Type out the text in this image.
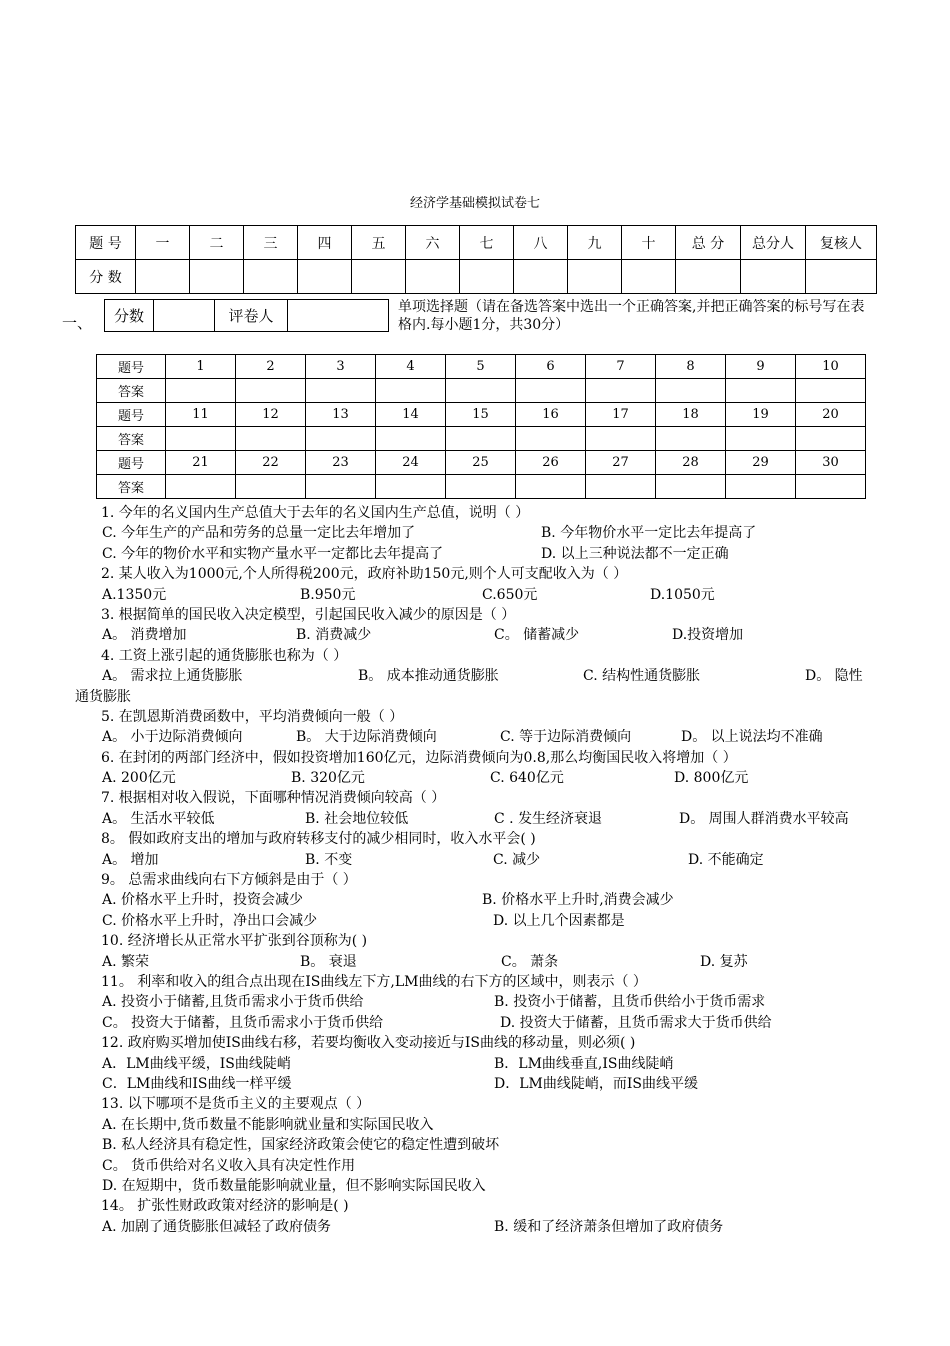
经济学基础模拟试卷七
题 号	一	二	三	四	五	六	七	八	九	十	总 分	总分人	复核人
分 数													
一、 分数		评卷人		单项选择题（请在备选答案中选出一个正确答案,并把正确答案的标号写在表格内.每小题1分，共30分）
题号	1	2	3	4	5	6	7	8	9	10
答案										
题号	11	12	13	14	15	16	17	18	19	20
答案										
题号	21	22	23	24	25	26	27	28	29	30
答案										
1. 今年的名义国内生产总值大于去年的名义国内生产总值，说明（ ）
C. 今年生产的产品和劳务的总量一定比去年增加了	B. 今年物价水平一定比去年提高了
C. 今年的物价水平和实物产量水平一定都比去年提高了	D. 以上三种说法都不一定正确
2. 某人收入为1000元,个人所得税200元，政府补助150元,则个人可支配收入为（ ）
A.1350元	B.950元	C.650元	D.1050元
3. 根据简单的国民收入决定模型，引起国民收入减少的原因是（ ）
A。 消费增加	B. 消费减少	C。 储蓄减少	D.投资增加
4. 工资上涨引起的通货膨胀也称为（ ）
A。 需求拉上通货膨胀	B。 成本推动通货膨胀	C. 结构性通货膨胀	D。 隐性
通货膨胀
5. 在凯恩斯消费函数中，平均消费倾向一般（ ）
A。 小于边际消费倾向	B。 大于边际消费倾向	C. 等于边际消费倾向	D。 以上说法均不准确
6. 在封闭的两部门经济中，假如投资增加160亿元，边际消费倾向为0.8,那么均衡国民收入将增加（ ）
A. 200亿元	B. 320亿元	C. 640亿元	D. 800亿元
7. 根据相对收入假说，下面哪种情况消费倾向较高（ ）
A。 生活水平较低	B. 社会地位较低	C . 发生经济衰退	D。 周围人群消费水平较高
8。 假如政府支出的增加与政府转移支付的减少相同时，收入水平会( )
A。 增加	B. 不变	C. 减少	D. 不能确定
9。 总需求曲线向右下方倾斜是由于（ ）
A. 价格水平上升时，投资会减少	B. 价格水平上升时,消费会减少
C. 价格水平上升时，净出口会减少	D. 以上几个因素都是
10. 经济增长从正常水平扩张到谷顶称为( )
A. 繁荣	B。 衰退	C。 萧条	D. 复苏
11。 利率和收入的组合点出现在IS曲线左下方,LM曲线的右下方的区域中，则表示（ ）
A. 投资小于储蓄,且货币需求小于货币供给	B. 投资小于储蓄，且货币供给小于货币需求
C。 投资大于储蓄，且货币需求小于货币供给	D. 投资大于储蓄，且货币需求大于货币供给
12. 政府购买增加使IS曲线右移，若要均衡收入变动接近与IS曲线的移动量，则必须( )
A．LM曲线平缓，IS曲线陡峭	B．LM曲线垂直,IS曲线陡峭
C．LM曲线和IS曲线一样平缓	D．LM曲线陡峭，而IS曲线平缓
13. 以下哪项不是货币主义的主要观点（ ）
A. 在长期中,货币数量不能影响就业量和实际国民收入
B. 私人经济具有稳定性，国家经济政策会使它的稳定性遭到破坏
C。 货币供给对名义收入具有决定性作用
D. 在短期中，货币数量能影响就业量，但不影响实际国民收入
14。 扩张性财政政策对经济的影响是( )
A. 加剧了通货膨胀但减轻了政府债务	B. 缓和了经济萧条但增加了政府债务
